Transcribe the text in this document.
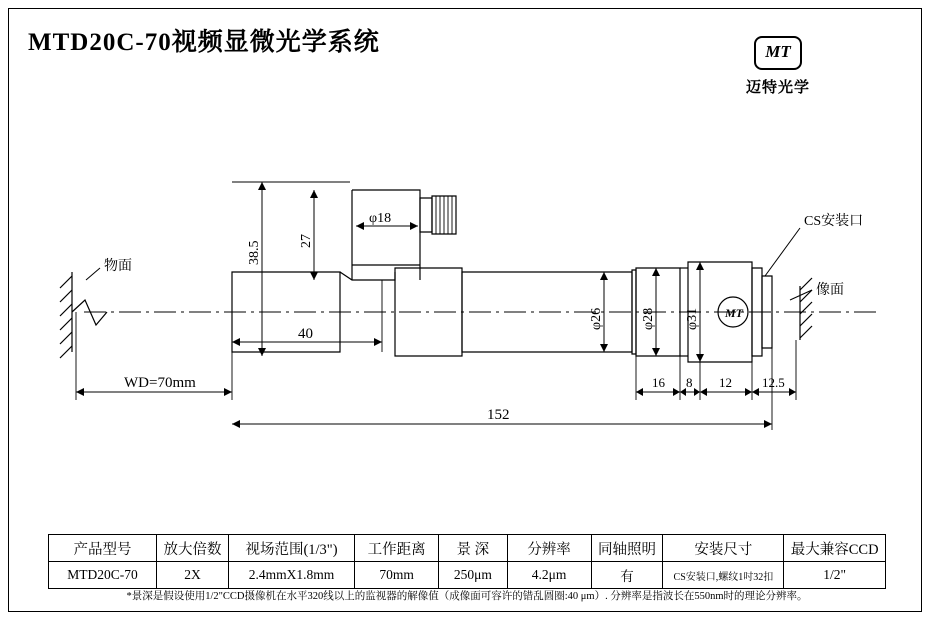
MTD20C-70视频显微光学系统	MT
迈特光学
物面
像面
CS安装口
φ18
38.5	27
40
WD=70mm
152
φ26	φ28 φ31
16 8 12 12.5
MT
产品型号	放大倍数	视场范围(1/3")	工作距离	景 深	分辨率	同轴照明	安装尺寸	最大兼容CCD
MTD20C-70	2X	2.4mmX1.8mm	70mm	250μm	4.2μm	有	CS安装口,螺纹1吋32扣	1/2"
*景深是假设使用1/2"CCD摄像机在水平320线以上的监视器的解像值（成像面可容许的错乱圆圈:40 μm）. 分辨率是指波长在550nm时的理论分辨率。
